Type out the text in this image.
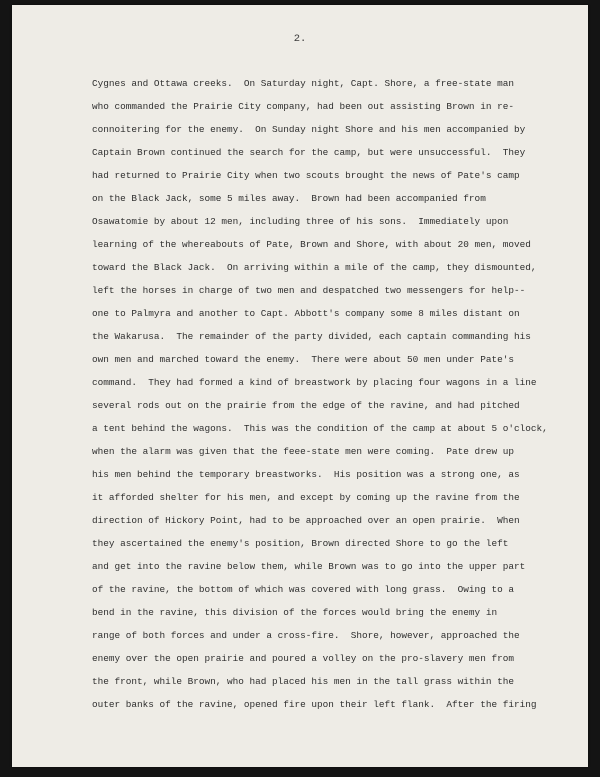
2.
Cygnes and Ottawa creeks.  On Saturday night, Capt. Shore, a free-state man
who commanded the Prairie City company, had been out assisting Brown in re-
connoitering for the enemy.  On Sunday night Shore and his men accompanied by
Captain Brown continued the search for the camp, but were unsuccessful.  They
had returned to Prairie City when two scouts brought the news of Pate's camp
on the Black Jack, some 5 miles away.  Brown had been accompanied from
Osawatomie by about 12 men, including three of his sons.  Immediately upon
learning of the whereabouts of Pate, Brown and Shore, with about 20 men, moved
toward the Black Jack.  On arriving within a mile of the camp, they dismounted,
left the horses in charge of two men and despatched two messengers for help--
one to Palmyra and another to Capt. Abbott's company some 8 miles distant on
the Wakarusa.  The remainder of the party divided, each captain commanding his
own men and marched toward the enemy.  There were about 50 men under Pate's
command.  They had formed a kind of breastwork by placing four wagons in a line
several rods out on the prairie from the edge of the ravine, and had pitched
a tent behind the wagons.  This was the condition of the camp at about 5 o'clock,
when the alarm was given that the feee-state men were coming.  Pate drew up
his men behind the temporary breastworks.  His position was a strong one, as
it afforded shelter for his men, and except by coming up the ravine from the
direction of Hickory Point, had to be approached over an open prairie.  When
they ascertained the enemy's position, Brown directed Shore to go the left
and get into the ravine below them, while Brown was to go into the upper part
of the ravine, the bottom of which was covered with long grass.  Owing to a
bend in the ravine, this division of the forces would bring the enemy in
range of both forces and under a cross-fire.  Shore, however, approached the
enemy over the open prairie and poured a volley on the pro-slavery men from
the front, while Brown, who had placed his men in the tall grass within the
outer banks of the ravine, opened fire upon their left flank.  After the firing
